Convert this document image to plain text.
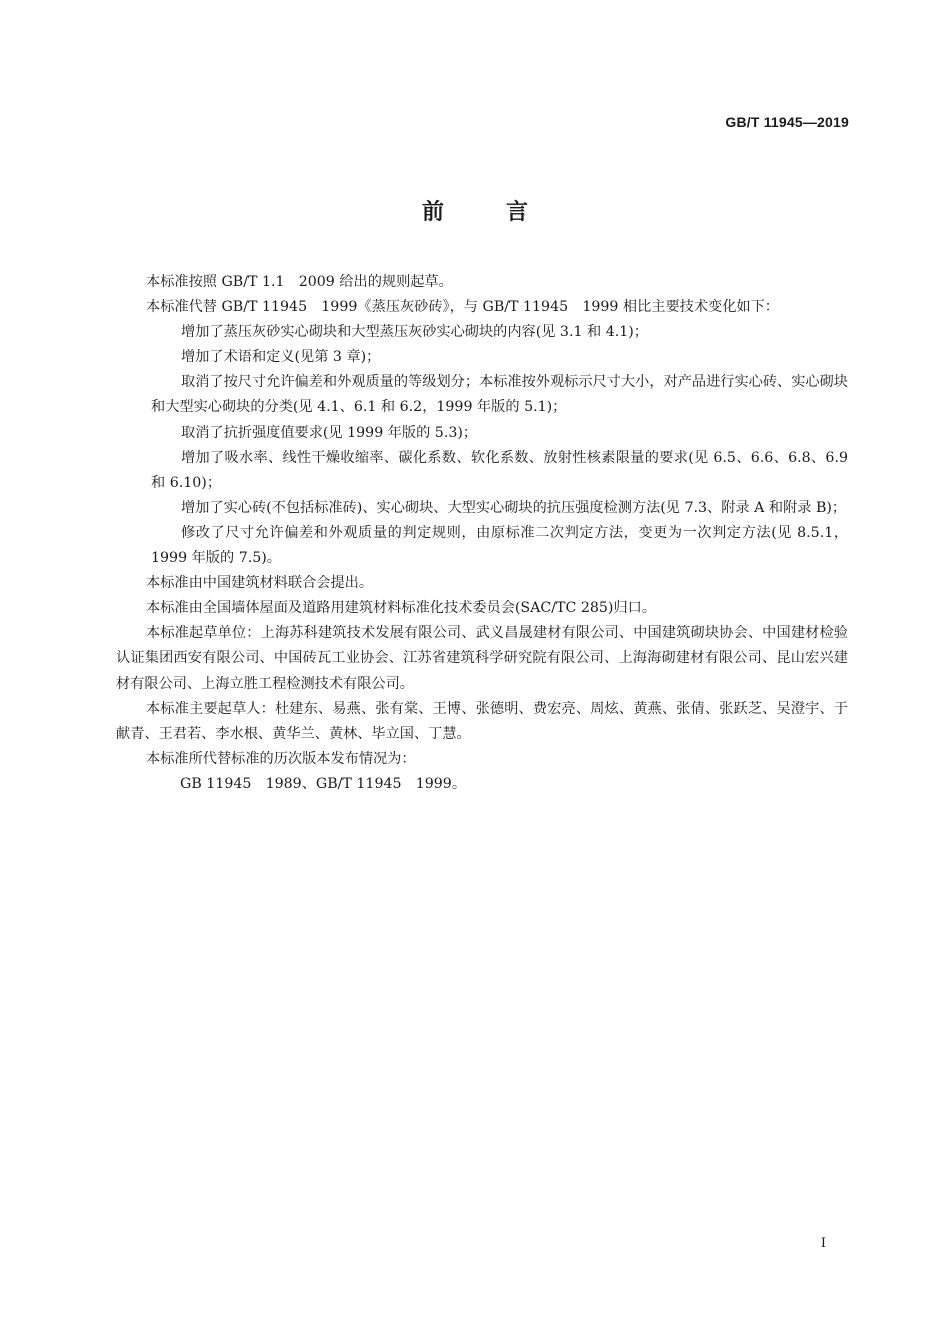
GB/T 11945—2019
前言

本标准按照 GB/T 1.1　2009 给出的规则起草。

本标准代替 GB/T 11945　1999《蒸压灰砂砖》，与 GB/T 11945　1999 相比主要技术变化如下：

增加了蒸压灰砂实心砌块和大型蒸压灰砂实心砌块的内容(见 3.1 和 4.1)；

增加了术语和定义(见第 3 章)；

取消了按尺寸允许偏差和外观质量的等级划分；本标准按外观标示尺寸大小，对产品进行实心砖、实心砌块和大型实心砌块的分类(见 4.1、6.1 和 6.2，1999 年版的 5.1)；

取消了抗折强度值要求(见 1999 年版的 5.3)；

增加了吸水率、线性干燥收缩率、碳化系数、软化系数、放射性核素限量的要求(见 6.5、6.6、6.8、6.9 和 6.10)；

增加了实心砖(不包括标准砖)、实心砌块、大型实心砌块的抗压强度检测方法(见 7.3、附录 A 和附录 B)；

修改了尺寸允许偏差和外观质量的判定规则，由原标准二次判定方法，变更为一次判定方法(见 8.5.1，1999 年版的 7.5)。

本标准由中国建筑材料联合会提出。

本标准由全国墙体屋面及道路用建筑材料标准化技术委员会(SAC/TC 285)归口。

本标准起草单位：上海苏科建筑技术发展有限公司、武义昌晟建材有限公司、中国建筑砌块协会、中国建材检验认证集团西安有限公司、中国砖瓦工业协会、江苏省建筑科学研究院有限公司、上海海砌建材有限公司、昆山宏兴建材有限公司、上海立胜工程检测技术有限公司。

本标准主要起草人：杜建东、易燕、张有棠、王博、张德明、费宏亮、周炫、黄燕、张倩、张跃芝、吴澄宇、于献青、王君若、李水根、黄华兰、黄林、毕立国、丁慧。

本标准所代替标准的历次版本发布情况为：

GB 11945　1989、GB/T 11945　1999。

I
